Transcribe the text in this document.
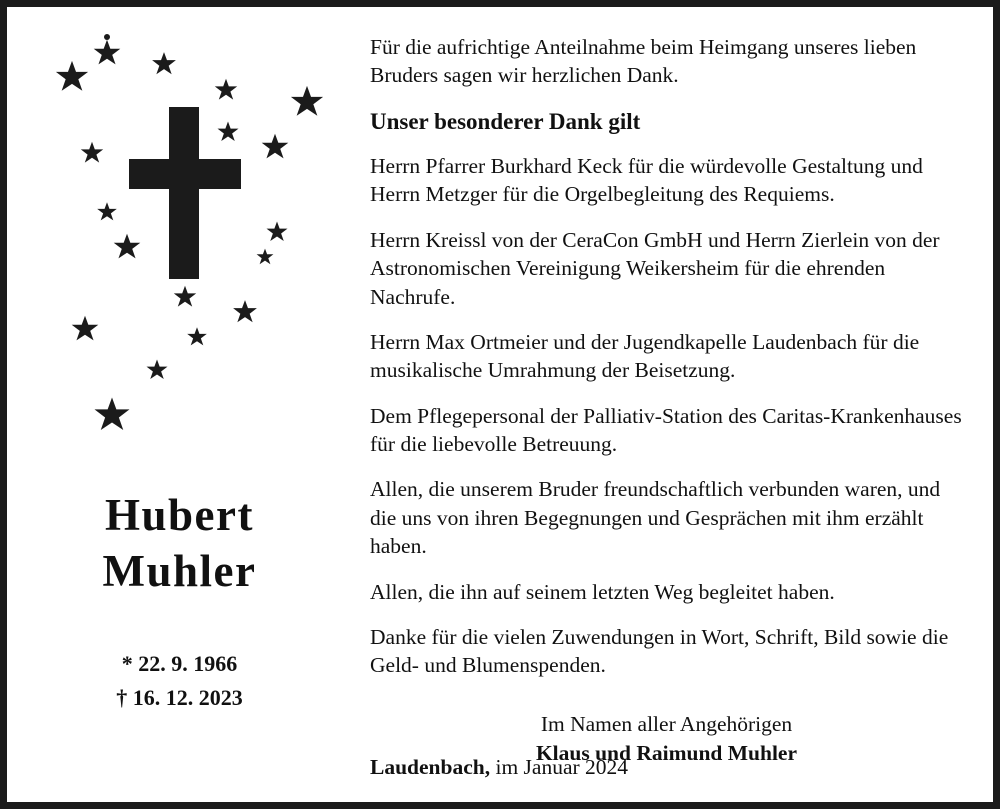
Hubert
Muhler
* 22. 9. 1966
† 16. 12. 2023

Für die aufrichtige Anteilnahme beim Heimgang unseres lieben Bruders sagen wir herzlichen Dank.

Unser besonderer Dank gilt

Herrn Pfarrer Burkhard Keck für die würdevolle Gestaltung und Herrn Metzger für die Orgelbegleitung des Requiems.

Herrn Kreissl von der CeraCon GmbH und Herrn Zierlein von der Astronomischen Vereinigung Weikersheim für die ehrenden Nachrufe.

Herrn Max Ortmeier und der Jugendkapelle Laudenbach für die musikalische Umrahmung der Beisetzung.

Dem Pflegepersonal der Palliativ-Station des Caritas-Krankenhauses für die liebevolle Betreuung.

Allen, die unserem Bruder freundschaftlich verbunden waren, und die uns von ihren Begegnungen und Gesprächen mit ihm erzählt haben.

Allen, die ihn auf seinem letzten Weg begleitet haben.

Danke für die vielen Zuwendungen in Wort, Schrift, Bild sowie die Geld- und Blumenspenden.

Im Namen aller Angehörigen
Klaus und Raimund Muhler
Laudenbach, im Januar 2024
